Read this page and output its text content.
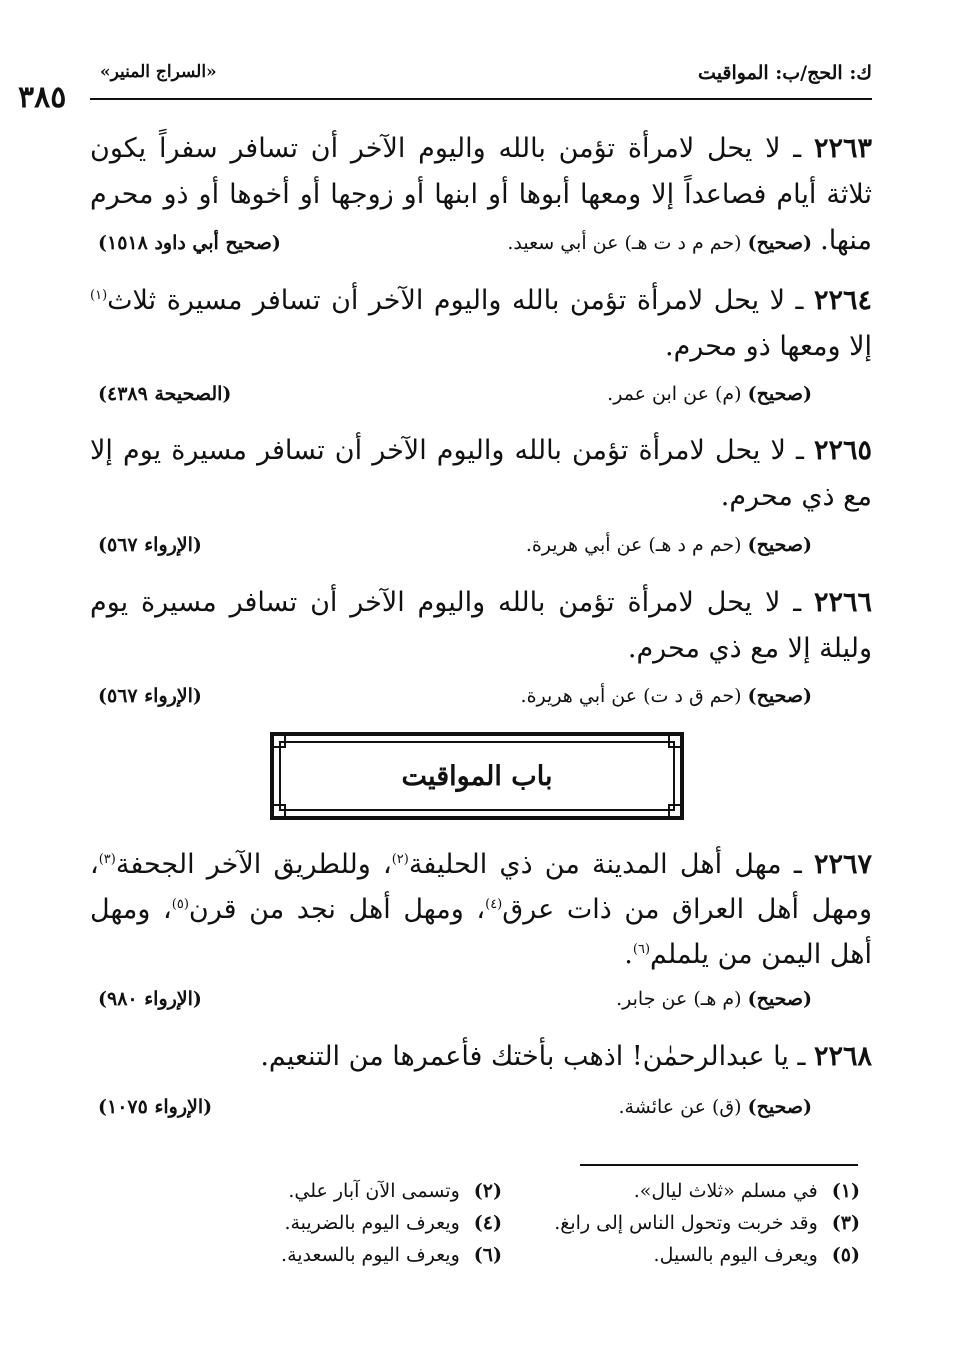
ك: الحج/ب: المواقيت
«السراج المنير»
٣٨٥
٢٢٦٣ ـ لا يحل لامرأة تؤمن بالله واليوم الآخر أن تسافر سفراً يكون ثلاثة أيام فصاعداً إلا ومعها أبوها أو ابنها أو زوجها أو أخوها أو ذو محرم منها.
(صحيح) (حم م د ت هـ) عن أبي سعيد.
(صحيح أبي داود ١٥١٨)
٢٢٦٤ ـ لا يحل لامرأة تؤمن بالله واليوم الآخر أن تسافر مسيرة ثلاث$^{(١)}$ إلا ومعها ذو محرم.
(صحيح) (م) عن ابن عمر.
(الصحيحة ٤٣٨٩)
٢٢٦٥ ـ لا يحل لامرأة تؤمن بالله واليوم الآخر أن تسافر مسيرة يوم إلا مع ذي محرم.
(صحيح) (حم م د هـ) عن أبي هريرة.
(الإرواء ٥٦٧)
٢٢٦٦ ـ لا يحل لامرأة تؤمن بالله واليوم الآخر أن تسافر مسيرة يوم وليلة إلا مع ذي محرم.
(صحيح) (حم ق د ت) عن أبي هريرة.
(الإرواء ٥٦٧)
باب المواقيت
٢٢٦٧ ـ مهل أهل المدينة من ذي الحليفة$^{(٢)}$، وللطريق الآخر الجحفة$^{(٣)}$، ومهل أهل العراق من ذات عرق$^{(٤)}$، ومهل أهل نجد من قرن$^{(٥)}$، ومهل أهل اليمن من يلملم$^{(٦)}$.
(صحيح) (م هـ) عن جابر.
(الإرواء ٩٨٠)
٢٢٦٨ ـ يا عبدالرحمٰن! اذهب بأختك فأعمرها من التنعيم.
(صحيح) (ق) عن عائشة.
(الإرواء ١٠٧٥)
(١)في مسلم «ثلاث ليال».
(٢)وتسمى الآن آبار علي.
(٣)وقد خربت وتحول الناس إلى رابغ.
(٤)ويعرف اليوم بالضريبة.
(٥)ويعرف اليوم بالسيل.
(٦)ويعرف اليوم بالسعدية.
